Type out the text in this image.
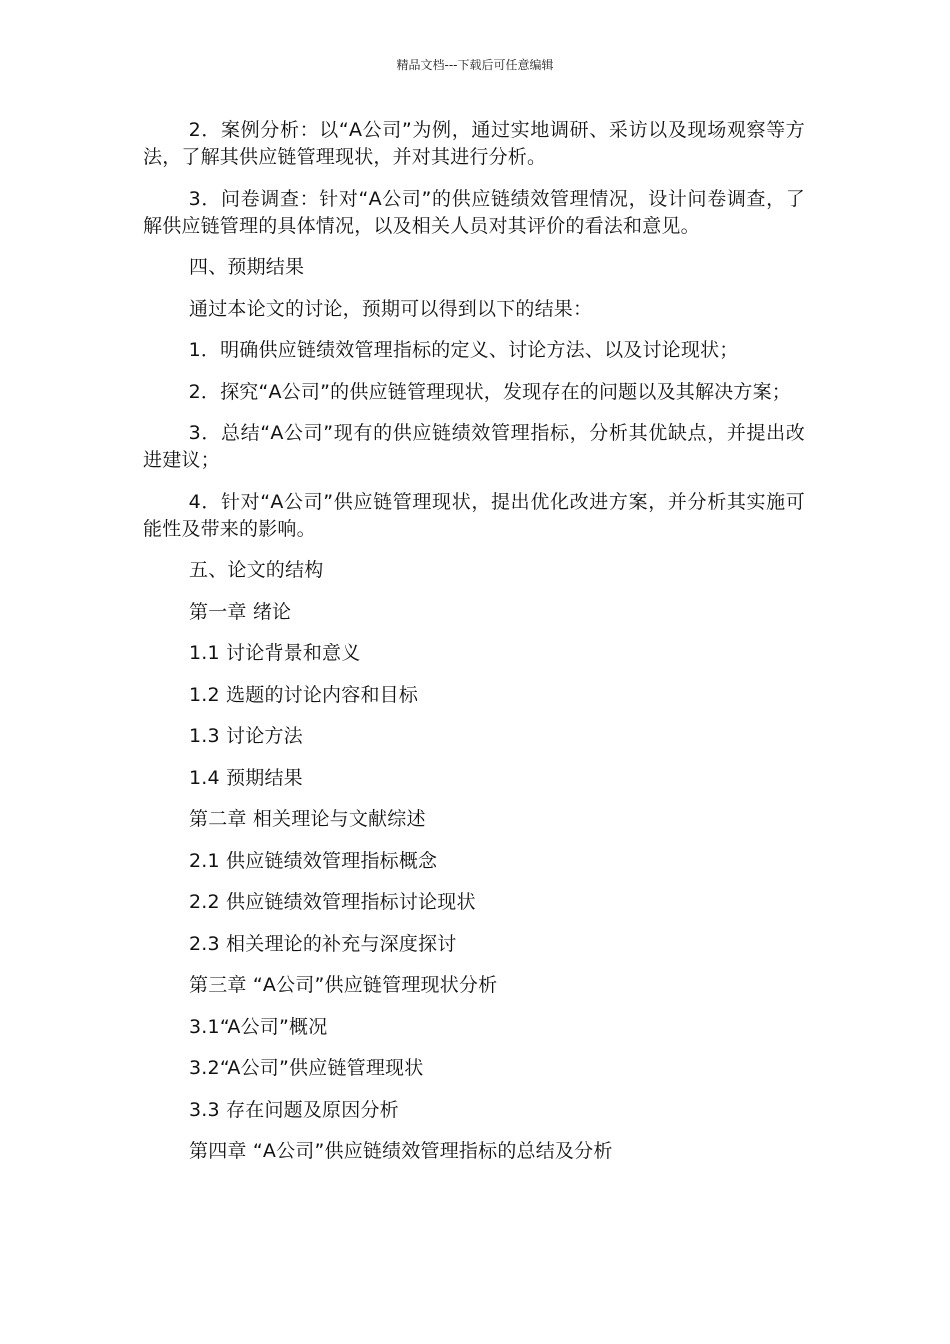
精品文档---下载后可任意编辑

2．案例分析：以“A公司”为例，通过实地调研、采访以及现场观察等方法，了解其供应链管理现状，并对其进行分析。

3．问卷调查：针对“A公司”的供应链绩效管理情况，设计问卷调查，了解供应链管理的具体情况，以及相关人员对其评价的看法和意见。

四、预期结果
通过本论文的讨论，预期可以得到以下的结果：

1．明确供应链绩效管理指标的定义、讨论方法、以及讨论现状；

2．探究“A公司”的供应链管理现状，发现存在的问题以及其解决方案；

3．总结“A公司”现有的供应链绩效管理指标，分析其优缺点，并提出改进建议；

4．针对“A公司”供应链管理现状，提出优化改进方案，并分析其实施可能性及带来的影响。

五、论文的结构
第一章 绪论
1.1 讨论背景和意义
1.2 选题的讨论内容和目标
1.3 讨论方法
1.4 预期结果
第二章 相关理论与文献综述
2.1 供应链绩效管理指标概念
2.2 供应链绩效管理指标讨论现状
2.3 相关理论的补充与深度探讨
第三章 “A公司”供应链管理现状分析
3.1“A公司”概况
3.2“A公司”供应链管理现状
3.3 存在问题及原因分析
第四章 “A公司”供应链绩效管理指标的总结及分析
